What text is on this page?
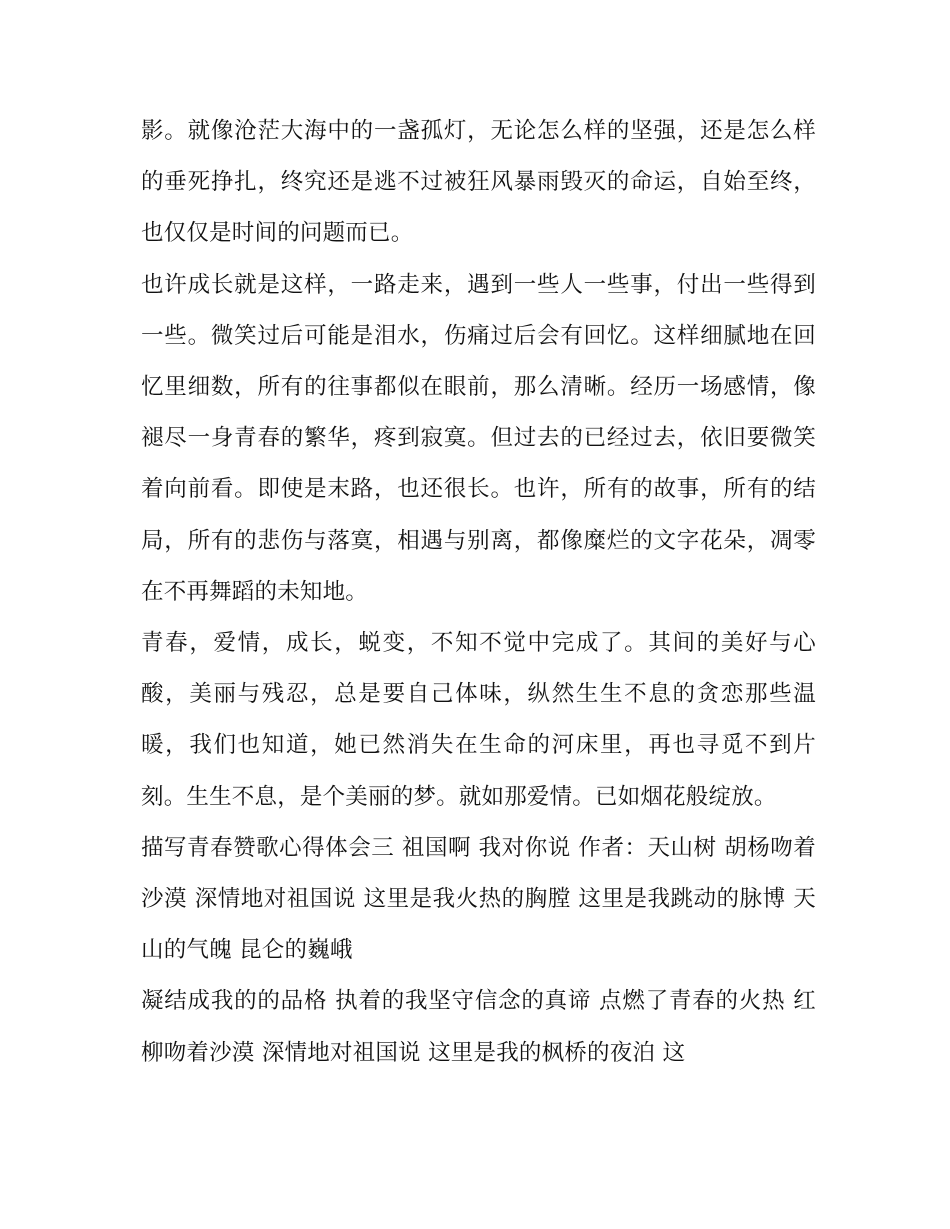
影。就像沧茫大海中的一盏孤灯，无论怎么样的坚强，还是怎么样的垂死挣扎，终究还是逃不过被狂风暴雨毁灭的命运，自始至终，也仅仅是时间的问题而已。

也许成长就是这样，一路走来，遇到一些人一些事，付出一些得到一些。微笑过后可能是泪水，伤痛过后会有回忆。这样细腻地在回忆里细数，所有的往事都似在眼前，那么清晰。经历一场感情，像褪尽一身青春的繁华，疼到寂寞。但过去的已经过去，依旧要微笑着向前看。即使是末路，也还很长。也许，所有的故事，所有的结局，所有的悲伤与落寞，相遇与别离，都像糜烂的文字花朵，凋零在不再舞蹈的未知地。

青春，爱情，成长，蜕变，不知不觉中完成了。其间的美好与心酸，美丽与残忍，总是要自己体味，纵然生生不息的贪恋那些温暖，我们也知道，她已然消失在生命的河床里，再也寻觅不到片刻。生生不息，是个美丽的梦。就如那爱情。已如烟花般绽放。

描写青春赞歌心得体会三 祖国啊 我对你说 作者：天山树 胡杨吻着沙漠 深情地对祖国说 这里是我火热的胸膛 这里是我跳动的脉博 天山的气魄 昆仑的巍峨

凝结成我的的品格 执着的我坚守信念的真谛 点燃了青春的火热 红柳吻着沙漠 深情地对祖国说 这里是我的枫桥的夜泊 这
